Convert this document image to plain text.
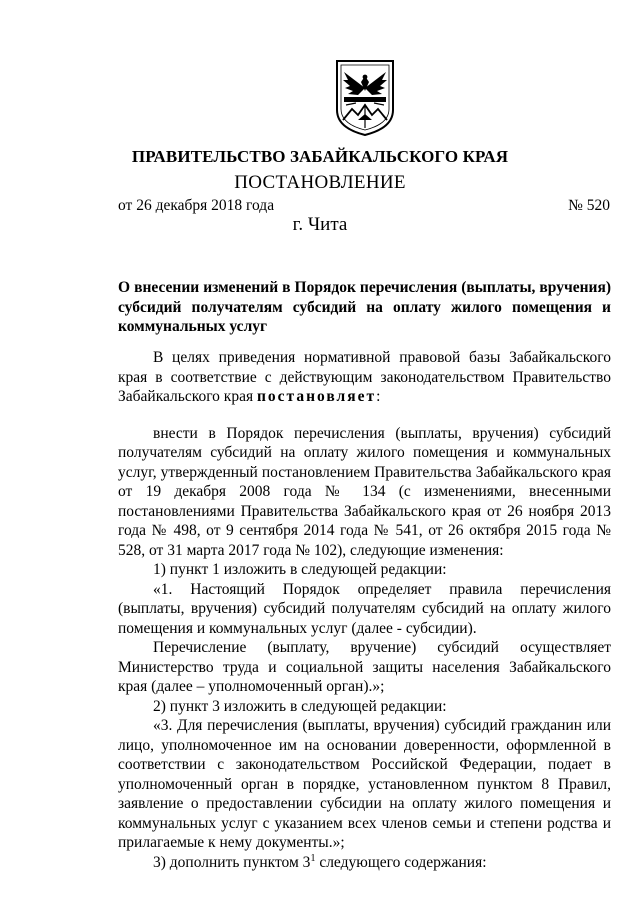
ПРАВИТЕЛЬСТВО ЗАБАЙКАЛЬСКОГО КРАЯ
ПОСТАНОВЛЕНИЕ
от 26 декабря 2018 года	№ 520
г. Чита
О внесении изменений в Порядок перечисления (выплаты, вручения) субсидий получателям субсидий на оплату жилого помещения и коммунальных услуг

В целях приведения нормативной правовой базы Забайкальского края в соответствие с действующим законодательством Правительство Забайкальского края постановляет:

внести в Порядок перечисления (выплаты, вручения) субсидий получателям субсидий на оплату жилого помещения и коммунальных услуг, утвержденный постановлением Правительства Забайкальского края от 19 декабря 2008 года № 134 (с изменениями, внесенными постановлениями Правительства Забайкальского края от 26 ноября 2013 года № 498, от 9 сентября 2014 года № 541, от 26 октября 2015 года № 528, от 31 марта 2017 года № 102), следующие изменения:

1) пункт 1 изложить в следующей редакции:

«1. Настоящий Порядок определяет правила перечисления (выплаты, вручения) субсидий получателям субсидий на оплату жилого помещения и коммунальных услуг (далее - субсидии).

Перечисление (выплату, вручение) субсидий осуществляет Министерство труда и социальной защиты населения Забайкальского края (далее – уполномоченный орган).»;

2) пункт 3 изложить в следующей редакции:

«3. Для перечисления (выплаты, вручения) субсидий гражданин или лицо, уполномоченное им на основании доверенности, оформленной в соответствии с законодательством Российской Федерации, подает в уполномоченный орган в порядке, установленном пунктом 8 Правил, заявление о предоставлении субсидии на оплату жилого помещения и коммунальных услуг с указанием всех членов семьи и степени родства и прилагаемые к нему документы.»;

3) дополнить пунктом $3^1$ следующего содержания:
